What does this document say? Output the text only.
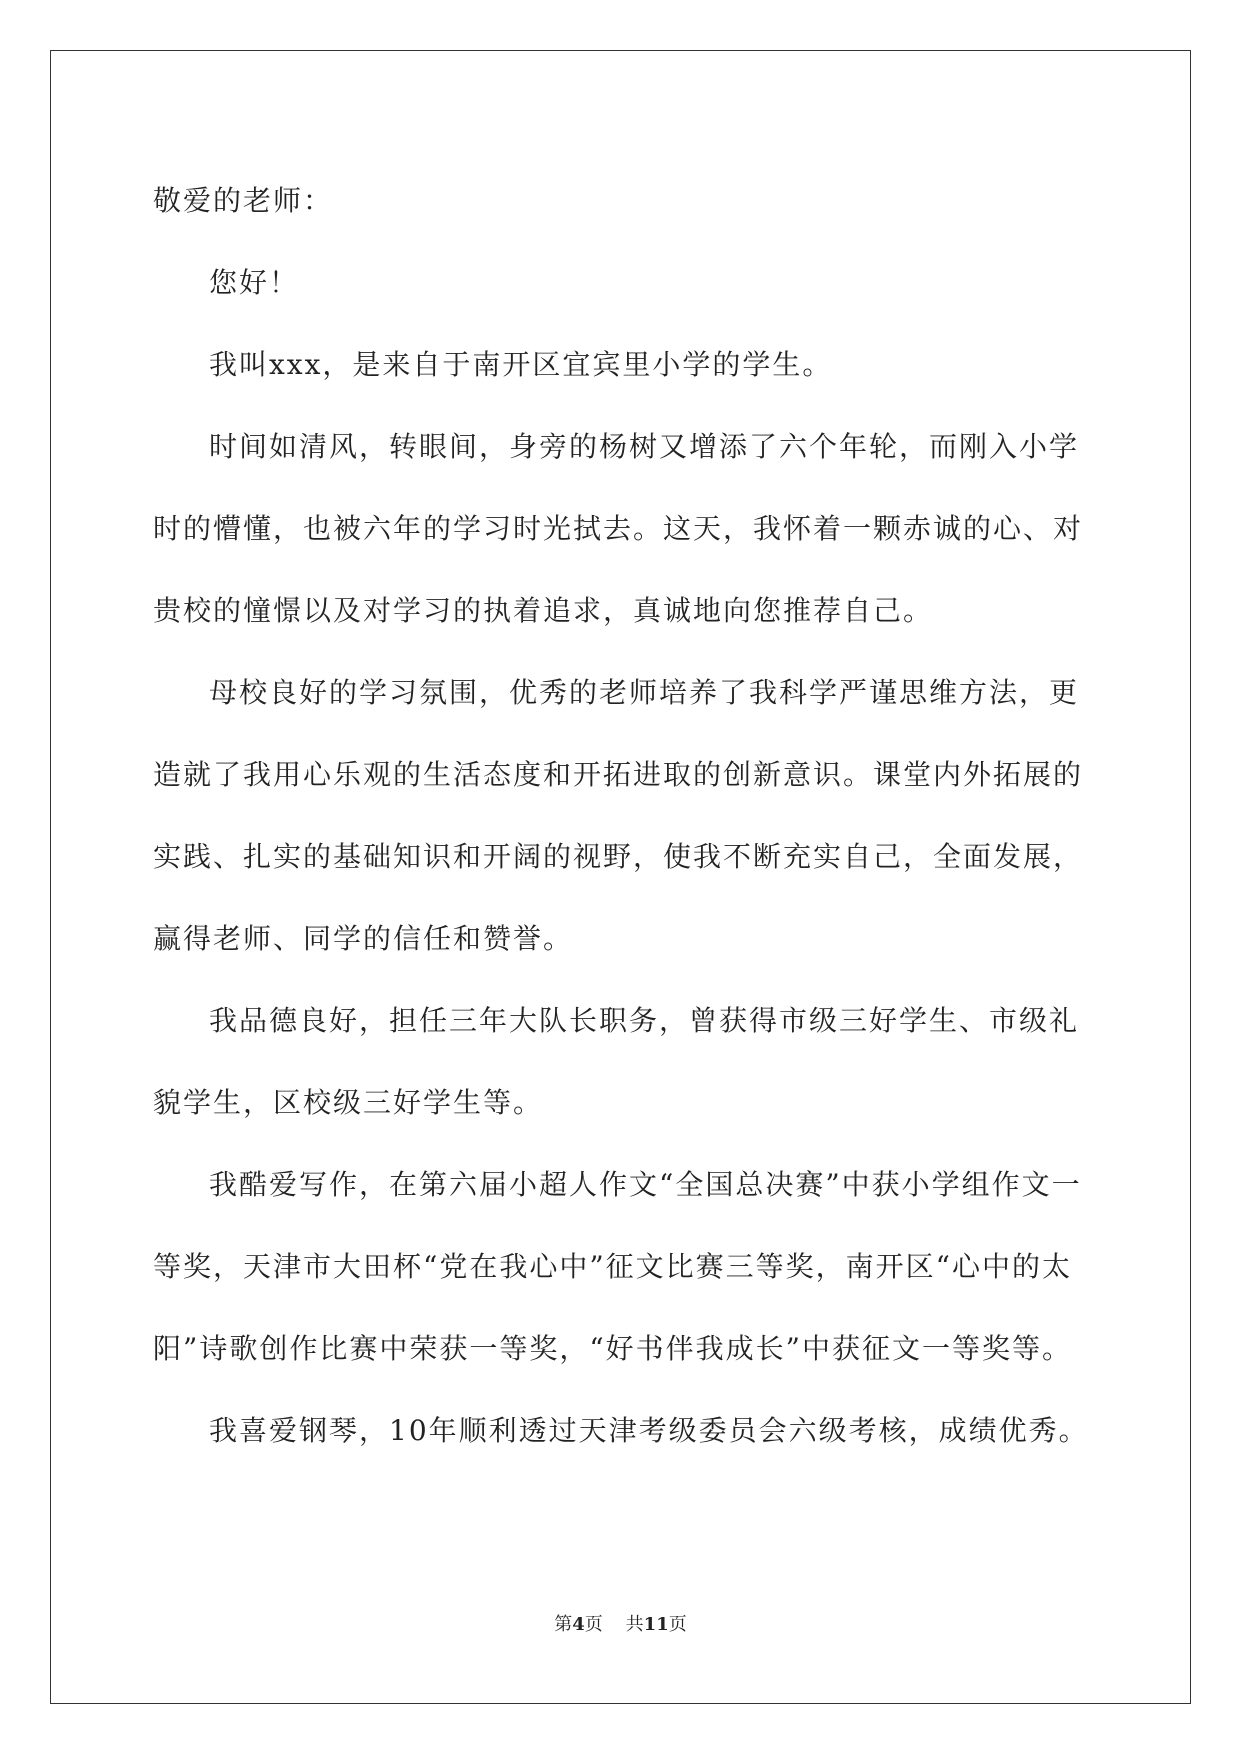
敬爱的老师：

您好！

我叫xxx，是来自于南开区宜宾里小学的学生。

时间如清风，转眼间，身旁的杨树又增添了六个年轮，而刚入小学时的懵懂，也被六年的学习时光拭去。这天，我怀着一颗赤诚的心、对贵校的憧憬以及对学习的执着追求，真诚地向您推荐自己。

母校良好的学习氛围，优秀的老师培养了我科学严谨思维方法，更造就了我用心乐观的生活态度和开拓进取的创新意识。课堂内外拓展的实践、扎实的基础知识和开阔的视野，使我不断充实自己，全面发展，赢得老师、同学的信任和赞誉。

我品德良好，担任三年大队长职务，曾获得市级三好学生、市级礼貌学生，区校级三好学生等。

我酷爱写作，在第六届小超人作文“全国总决赛”中获小学组作文一等奖，天津市大田杯“党在我心中”征文比赛三等奖，南开区“心中的太阳”诗歌创作比赛中荣获一等奖，“好书伴我成长”中获征文一等奖等。

我喜爱钢琴，10年顺利透过天津考级委员会六级考核，成绩优秀。

第4页 共11页
